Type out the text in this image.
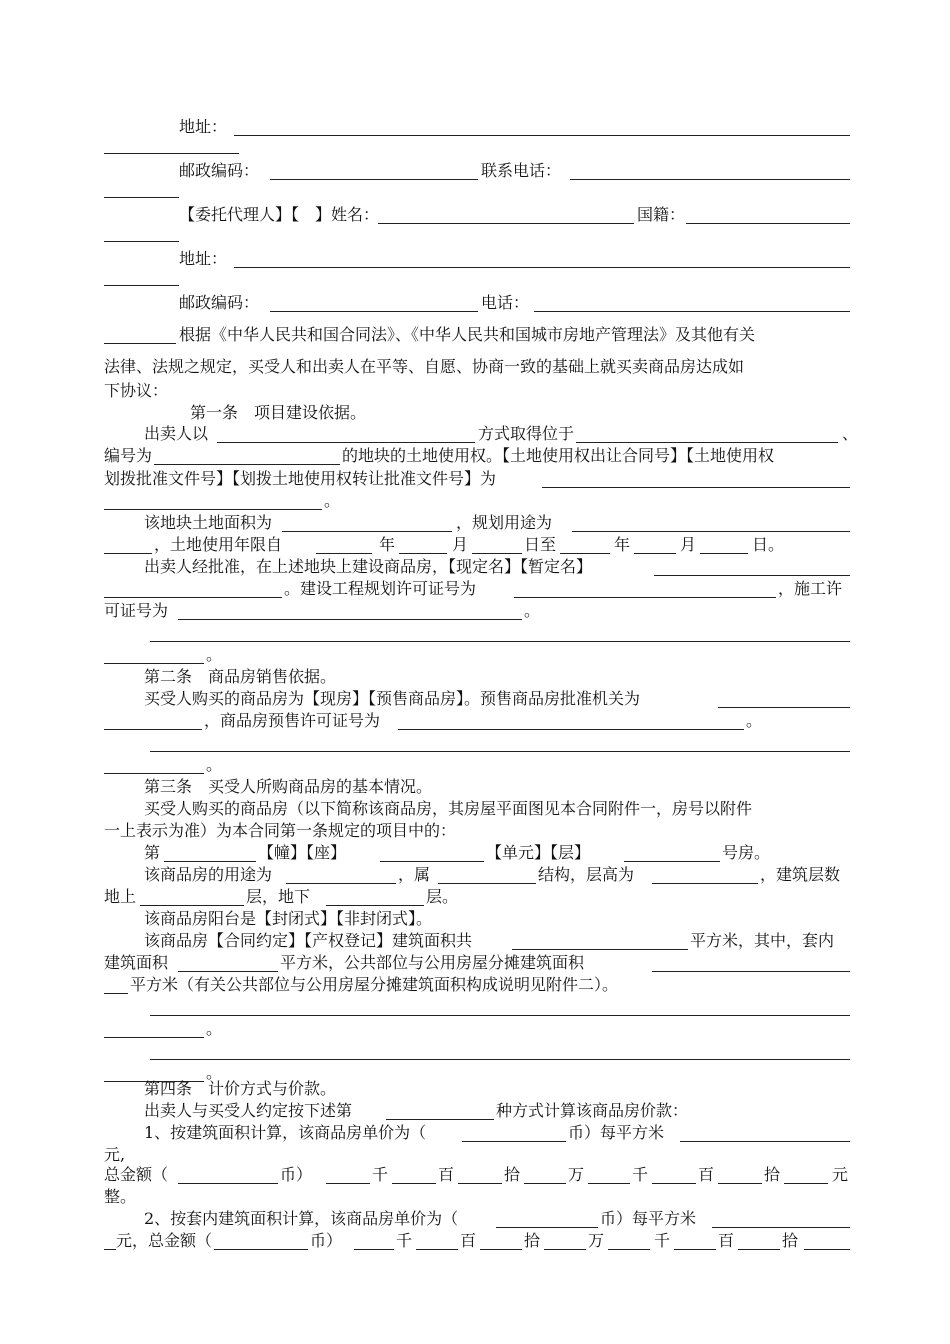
地址：
邮政编码：	联系电话：
【委托代理人】【　】姓名：	国籍：
地址：
邮政编码：	电话：
根据《中华人民共和国合同法》、《中华人民共和国城市房地产管理法》及其他有关
法律、法规之规定，买受人和出卖人在平等、自愿、协商一致的基础上就买卖商品房达成如
下协议：
第一条　项目建设依据。
出卖人以	方式取得位于	、
编号为	的地块的土地使用权。【土地使用权出让合同号】【土地使用权
划拨批准文件号】【划拨土地使用权转让批准文件号】为
。
该地块土地面积为	，规划用途为
，土地使用年限自	年	月	日至	年	月	日。
出卖人经批准，在上述地块上建设商品房，【现定名】【暂定名】
。建设工程规划许可证号为	，施工许
可证号为	。
。
第二条　商品房销售依据。
买受人购买的商品房为【现房】【预售商品房】。预售商品房批准机关为
，商品房预售许可证号为	。
。
第三条　买受人所购商品房的基本情况。
买受人购买的商品房（以下简称该商品房，其房屋平面图见本合同附件一，房号以附件
一上表示为准）为本合同第一条规定的项目中的：
第	【幢】【座】	【单元】【层】	号房。
该商品房的用途为	，属	结构，层高为	，建筑层数
地上	层，地下	层。
该商品房阳台是【封闭式】【非封闭式】。
该商品房【合同约定】【产权登记】建筑面积共	平方米，其中，套内
建筑面积	平方米，公共部位与公用房屋分摊建筑面积
平方米（有关公共部位与公用房屋分摊建筑面积构成说明见附件二）。
。
。
第四条　计价方式与价款。
出卖人与买受人约定按下述第	种方式计算该商品房价款：
1、按建筑面积计算，该商品房单价为（	币）每平方米
元,
总金额（	币）	千	百	拾	万	千	百	拾	元
整。
2、按套内建筑面积计算，该商品房单价为（	币）每平方米
元，总金额（	币）	千	百	拾	万	千	百	拾
